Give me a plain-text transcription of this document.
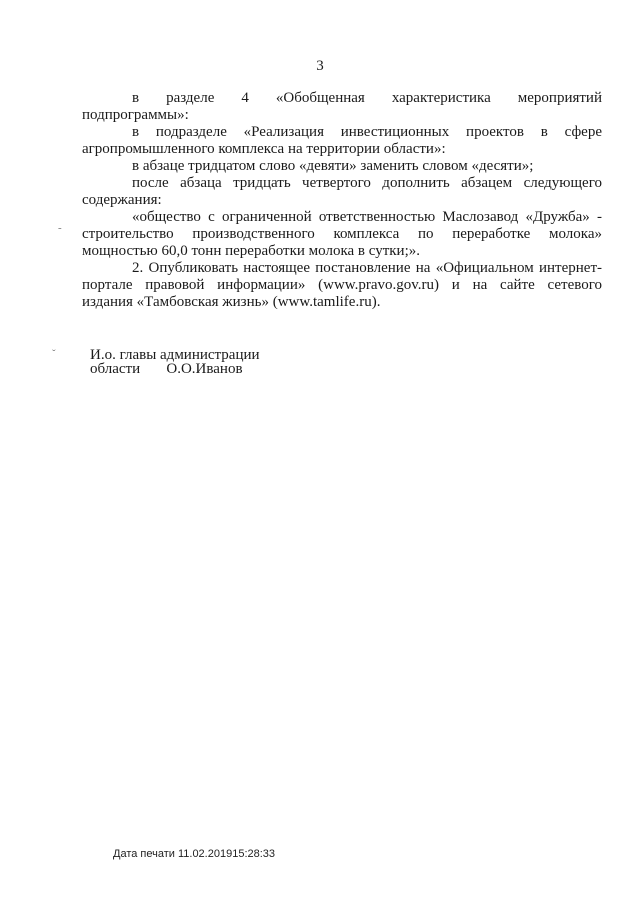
3
в разделе 4 «Обобщенная характеристика мероприятий
подпрограммы»:
в подразделе «Реализация инвестиционных проектов в сфере
агропромышленного комплекса на территории области»:
в абзаце тридцатом слово «девяти» заменить словом «десяти»;
после абзаца тридцать четвертого дополнить абзацем следующего
содержания:
«общество с ограниченной ответственностью Маслозавод «Дружба» -
строительство производственного комплекса по переработке молока»
мощностью 60,0 тонн переработки молока в сутки;».
2. Опубликовать настоящее постановление на «Официальном интернет-
портале правовой информации» (www.pravo.gov.ru) и на сайте сетевого
издания «Тамбовская жизнь» (www.tamlife.ru).
-
ˇ И.о. главы администрации
области       О.О.Иванов
Дата печати 11.02.201915:28:33
